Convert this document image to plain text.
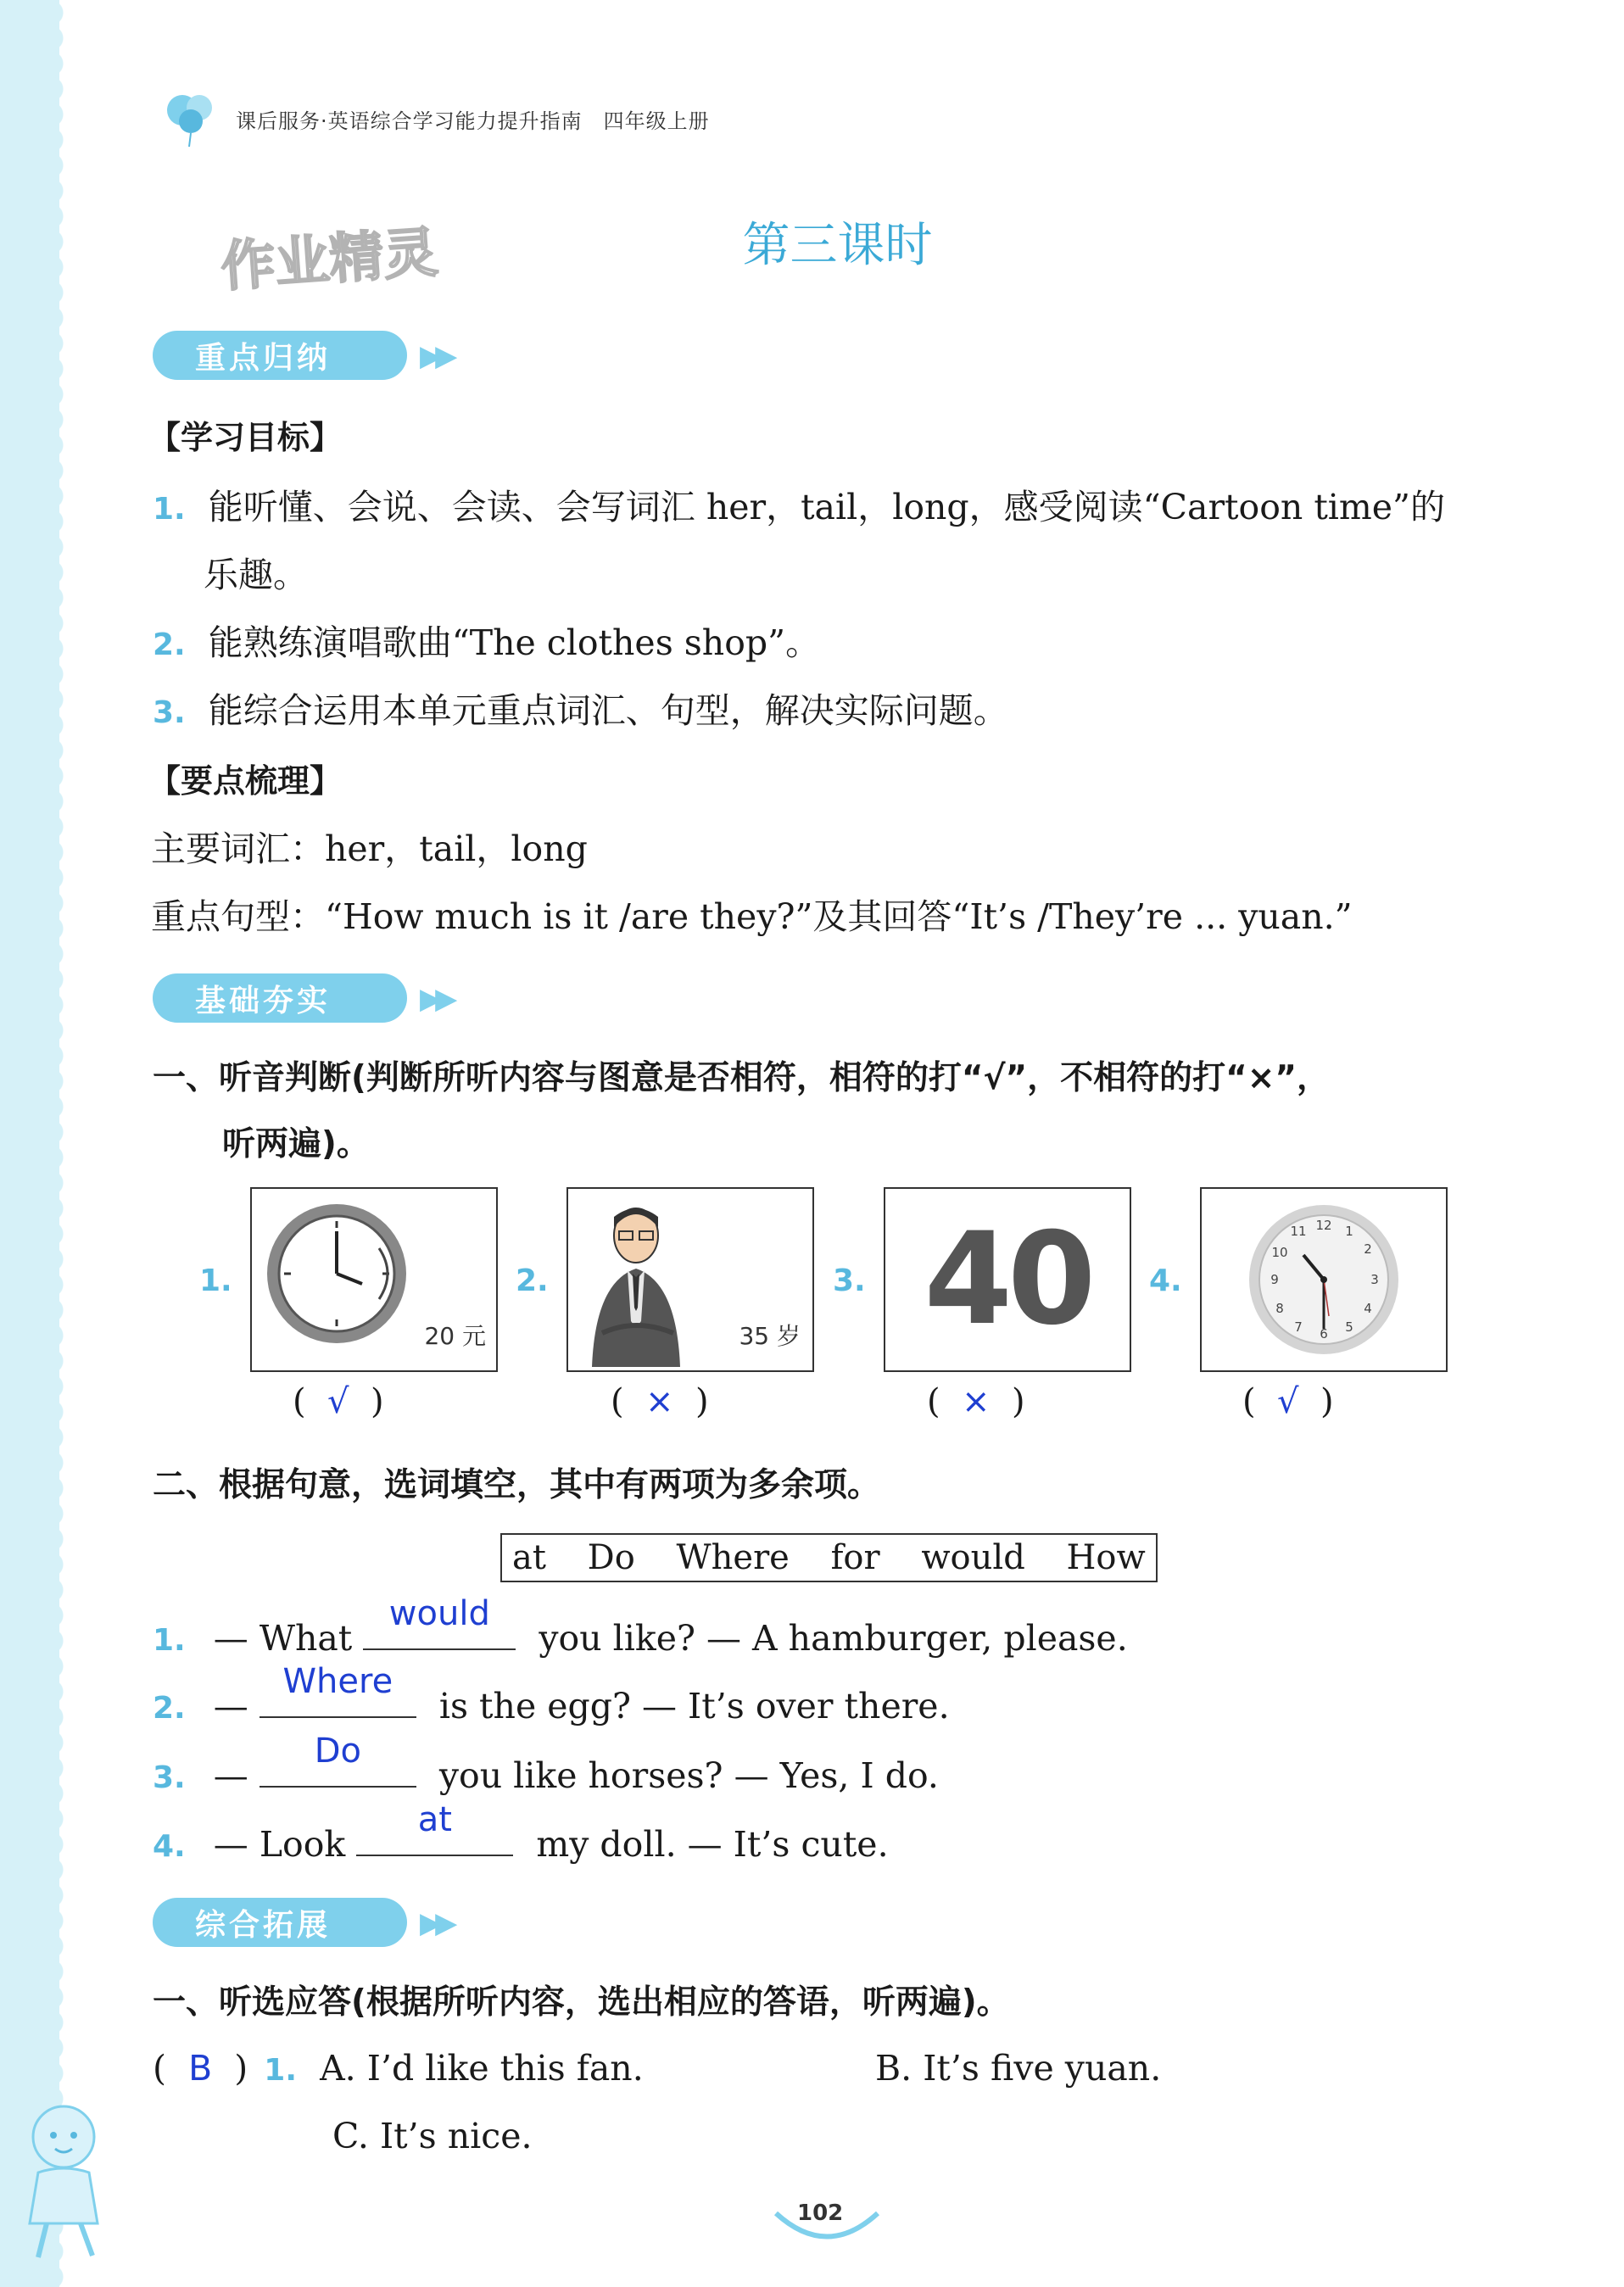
课后服务·英语综合学习能力提升指南　四年级上册
作业精灵	第三课时
重点归纳	▶▶
【学习目标】
1. 能听懂、会说、会读、会写词汇 her，tail，long，感受阅读“Cartoon time”的
乐趣。
2. 能熟练演唱歌曲“The clothes shop”。
3. 能综合运用本单元重点词汇、句型，解决实际问题。
【要点梳理】
主要词汇：her，tail，long
重点句型：“How much is it /are they?”及其回答“It’s /They’re ... yuan.”
基础夯实	▶▶
一、听音判断(判断所听内容与图意是否相符，相符的打“√”，不相符的打“×”，
听两遍)。
1.
20 元
2.
35 岁
3. 40	4.
12 1
2
3
4
5
6
7
8
9
10
11
(  √  )	(  ×  )	(  ×  )	(  √  )
二、根据句意，选词填空，其中有两项为多余项。
at Do Where for would How
1. — What
would
you like? — A hamburger, please.
2. —
Where
is the egg? — It’s over there.
3. —
Do
you like horses? — Yes, I do.
4. — Look
at
my doll. — It’s cute.
综合拓展	▶▶
一、听选应答(根据所听内容，选出相应的答语，听两遍)。
(  B  ) 1. A. I’d like this fan.	B. It’s five yuan.
C. It’s nice.
102
